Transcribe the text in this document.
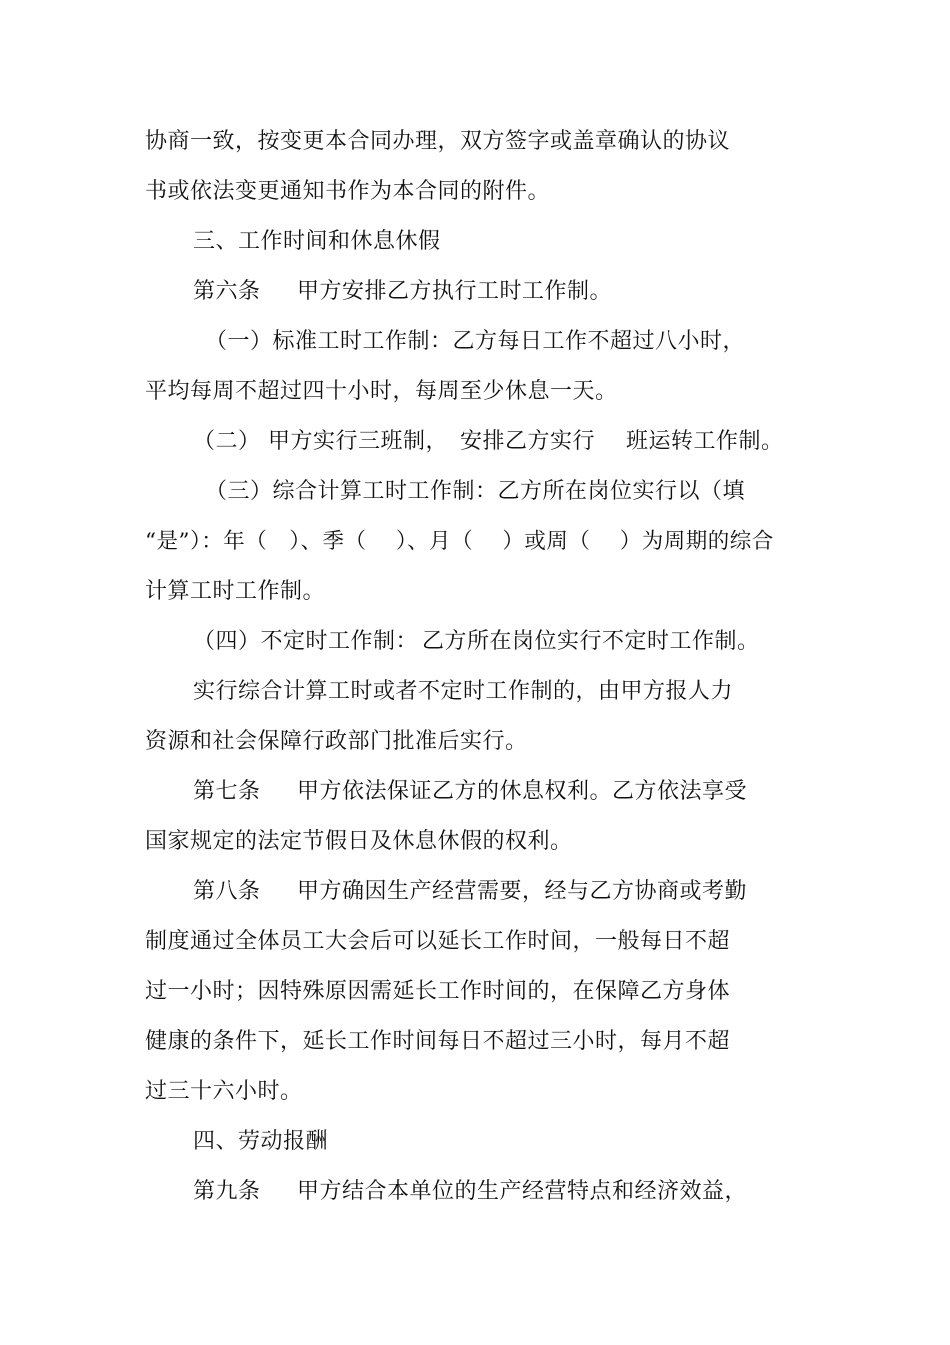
协商一致，按变更本合同办理，双方签字或盖章确认的协议
书或依法变更通知书作为本合同的附件。
三、工作时间和休息休假
第六条 甲方安排乙方执行工时工作制。
（一）标准工时工作制：乙方每日工作不超过八小时，
平均每周不超过四十小时，每周至少休息一天。
（二） 甲方实行三班制， 安排乙方实行 班运转工作制。
（三）综合计算工时工作制：乙方所在岗位实行以（填
“是”）：年（   ）、季（    ）、月（    ）或周（    ）为周期的综合
计算工时工作制。
（四）不定时工作制： 乙方所在岗位实行不定时工作制。
实行综合计算工时或者不定时工作制的，由甲方报人力
资源和社会保障行政部门批准后实行。
第七条 甲方依法保证乙方的休息权利。乙方依法享受
国家规定的法定节假日及休息休假的权利。
第八条 甲方确因生产经营需要，经与乙方协商或考勤
制度通过全体员工大会后可以延长工作时间，一般每日不超
过一小时；因特殊原因需延长工作时间的，在保障乙方身体
健康的条件下，延长工作时间每日不超过三小时，每月不超
过三十六小时。
四、劳动报酬
第九条 甲方结合本单位的生产经营特点和经济效益，
